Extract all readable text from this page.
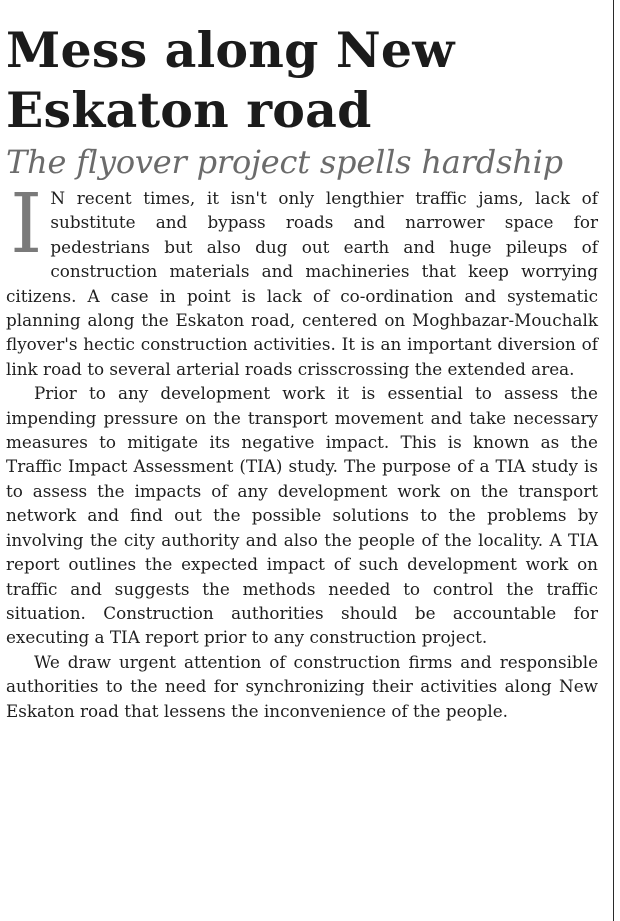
Mess along New Eskaton road
The flyover project spells hardship

I N recent times, it isn't only lengthier traffic jams, lack of substitute and bypass roads and narrower space for pedestrians but also dug out earth and huge pileups of construction materials and machineries that keep worrying citizens. A case in point is lack of co-ordination and systematic planning along the Eskaton road, centered on Moghbazar-Mouchalk flyover's hectic construction activities. It is an important diversion of link road to several arterial roads crisscrossing the extended area.

Prior to any development work it is essential to assess the impending pressure on the transport movement and take necessary measures to mitigate its negative impact. This is known as the Traffic Impact Assessment (TIA) study. The purpose of a TIA study is to assess the impacts of any development work on the transport network and find out the possible solutions to the problems by involving the city authority and also the people of the locality. A TIA report outlines the expected impact of such development work on traffic and suggests the methods needed to control the traffic situation. Construction authorities should be accountable for executing a TIA report prior to any construction project.

We draw urgent attention of construction firms and responsible authorities to the need for synchronizing their activities along New Eskaton road that lessens the inconvenience of the people.
